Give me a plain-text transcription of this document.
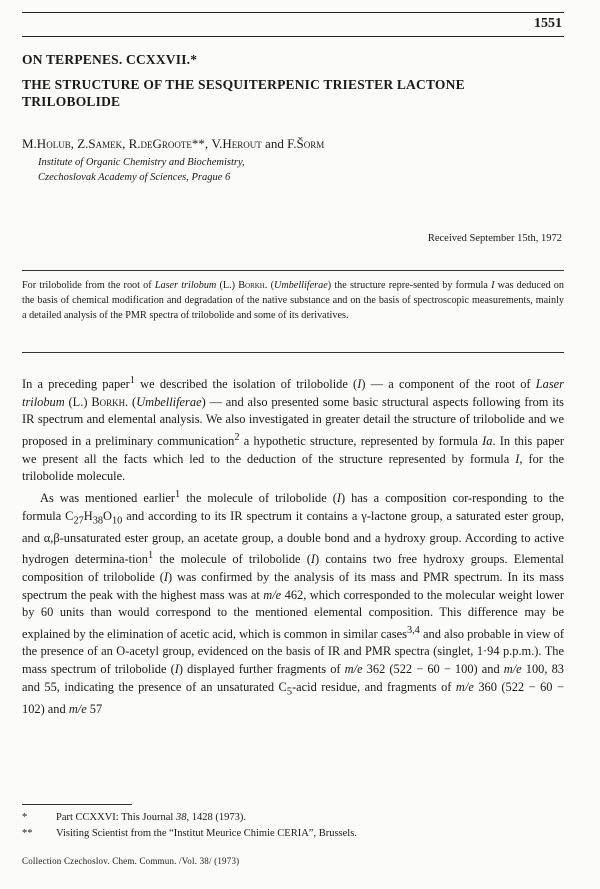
1551
ON TERPENES. CCXXVII.*
THE STRUCTURE OF THE SESQUITERPENIC TRIESTER LACTONE TRILOBOLIDE
M.Holub, Z.Samek, R.deGroote**, V.Herout and F.Šorm
Institute of Organic Chemistry and Biochemistry,
Czechoslovak Academy of Sciences, Prague 6
Received September 15th, 1972
For trilobolide from the root of Laser trilobum (L.) Borkh. (Umbelliferae) the structure repre-sented by formula I was deduced on the basis of chemical modification and degradation of the native substance and on the basis of spectroscopic measurements, mainly a detailed analysis of the PMR spectra of trilobolide and some of its derivatives.

In a preceding paper$^1$ we described the isolation of trilobolide (I) — a component of the root of Laser trilobum (L.) Borkh. (Umbelliferae) — and also presented some basic structural aspects following from its IR spectrum and elemental analysis. We also investigated in greater detail the structure of trilobolide and we proposed in a preliminary communication$^2$ a hypothetic structure, represented by formula Ia. In this paper we present all the facts which led to the deduction of the structure represented by formula I, for the trilobolide molecule.

As was mentioned earlier$^1$ the molecule of trilobolide (I) has a composition cor-responding to the formula $C_{27}H_{38}O_{10}$ and according to its IR spectrum it contains a γ-lactone group, a saturated ester group, and α,β-unsaturated ester group, an acetate group, a double bond and a hydroxy group. According to active hydrogen determina-tion$^1$ the molecule of trilobolide (I) contains two free hydroxy groups. Elemental composition of trilobolide (I) was confirmed by the analysis of its mass and PMR spectrum. In its mass spectrum the peak with the highest mass was at m/e 462, which corresponded to the molecular weight lower by 60 units than would correspond to the mentioned elemental composition. This difference may be explained by the elimination of acetic acid, which is common in similar cases$^{3,4}$ and also probable in view of the presence of an O-acetyl group, evidenced on the basis of IR and PMR spectra (singlet, 1·94 p.p.m.). The mass spectrum of trilobolide (I) displayed further fragments of m/e 362 (522 − 60 − 100) and m/e 100, 83 and 55, indicating the presence of an unsaturated $C_5$-acid residue, and fragments of m/e 360 (522 − 60 − 102) and m/e 57

*	Part CCXXVI: This Journal 38, 1428 (1973).
**	Visiting Scientist from the “Institut Meurice Chimie CERIA”, Brussels.
Collection Czechoslov. Chem. Commun. /Vol. 38/ (1973)
